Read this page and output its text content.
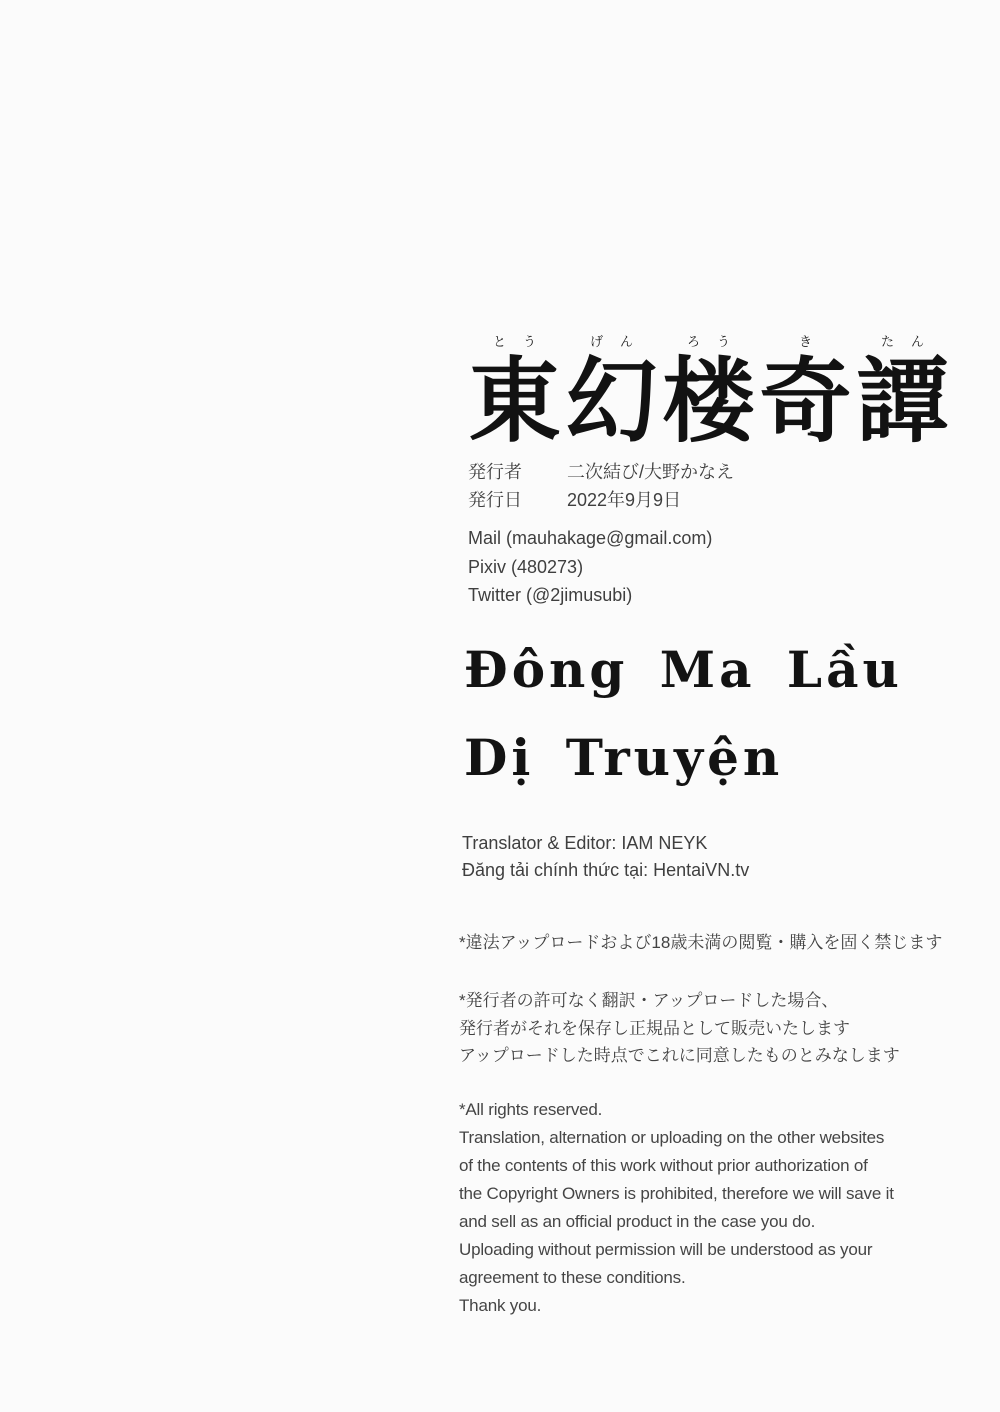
とう
東
げん
幻
ろう
楼
き
奇
たん
譚
発行者	二次結び/大野かなえ
発行日	2022年9月9日
Mail (mauhakage@gmail.com)
Pixiv (480273)
Twitter (@2jimusubi)
Đông Ma Lầu
Dị Truyện
Translator & Editor: IAM NEYK
Đăng tải chính thức tại: HentaiVN.tv
*違法アップロードおよび18歳未満の閲覧・購入を固く禁じます
*発行者の許可なく翻訳・アップロードした場合、
発行者がそれを保存し正規品として販売いたします
アップロードした時点でこれに同意したものとみなします
*All rights reserved.
Translation, alternation or uploading on the other websites
of the contents of this work without prior authorization of
the Copyright Owners is prohibited, therefore we will save it
and sell as an official product in the case you do.
Uploading without permission will be understood as your
agreement to these conditions.
Thank you.
